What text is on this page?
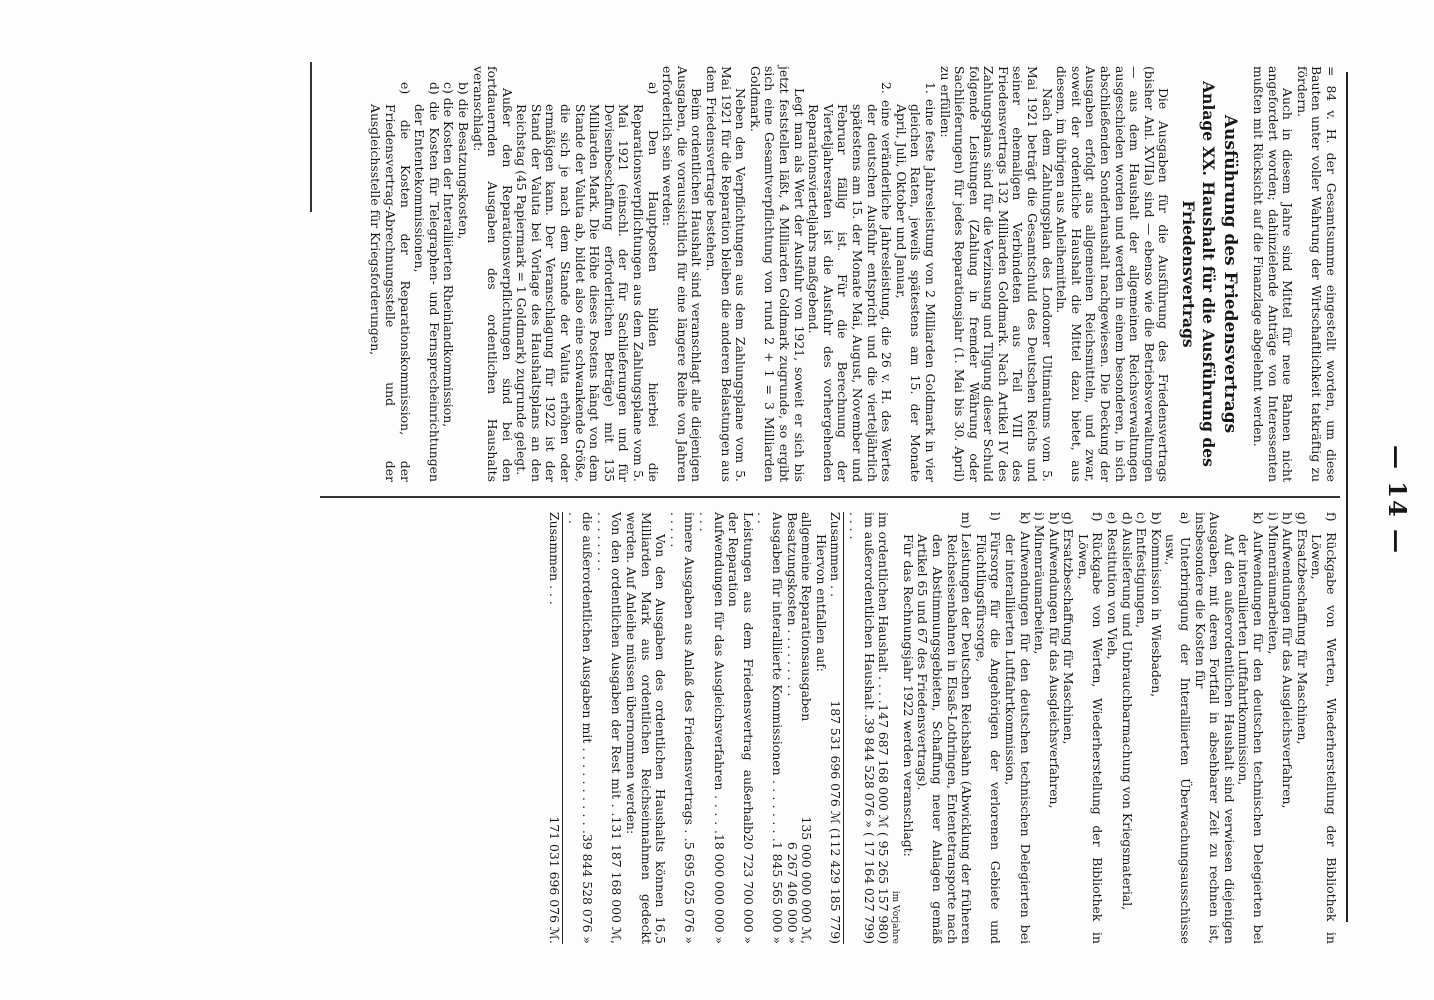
— 14 —

= 84 v. H. der Gesamtsumme eingestellt worden, um diese Bauten unter voller Wahrung der Wirtschaftlichkeit tatkräftig zu fördern.

Auch in diesem Jahre sind Mittel für neue Bahnen nicht angefordert worden; dahinzielende Anträge von Interessenten mußten mit Rücksicht auf die Finanzlage abgelehnt werden.

Ausführung des Friedensvertrags
Anlage XX. Haushalt für die Ausführung des Friedensvertrags

Die Ausgaben für die Ausführung des Friedensvertrags (bisher Anl. XVIIa) sind — ebenso wie die Betriebsverwaltungen — aus dem Haushalt der allgemeinen Reichsverwaltungen ausgeschieden worden und werden in einem besonderen, in sich abschließenden Sonderhaushalt nachgewiesen. Die Deckung der Ausgaben erfolgt aus allgemeinen Reichsmitteln, und zwar, soweit der ordentliche Haushalt die Mittel dazu bietet, aus diesem, im übrigen aus Anleihemitteln.

Nach dem Zahlungsplan des Londoner Ultimatums vom 5. Mai 1921 beträgt die Gesamtschuld des Deutschen Reichs und seiner ehemaligen Verbündeten aus Teil VIII des Friedensvertrags 132 Milliarden Goldmark. Nach Artikel IV des Zahlungsplans sind für die Verzinsung und Tilgung dieser Schuld folgende Leistungen (Zahlung in fremder Währung oder Sachlieferungen) für jedes Reparationsjahr (1. Mai bis 30. April) zu erfüllen:

1. eine feste Jahresleistung von 2 Milliarden Goldmark in vier gleichen Raten, jeweils spätestens am 15. der Monate April, Juli, Oktober und Januar,

2. eine veränderliche Jahresleistung, die 26 v. H. des Wertes der deutschen Ausfuhr entspricht und die vierteljährlich spätestens am 15. der Monate Mai, August, November und Februar fällig ist. Für die Berechnung der Vierteljahresraten ist die Ausfuhr des vorhergehenden Reparationsvierteljahrs maßgebend.

Legt man als Wert der Ausfuhr von 1921, soweit er sich bis jetzt feststellen läßt, 4 Milliarden Goldmark zugrunde, so ergibt sich eine Gesamtverpflichtung von rund 2 + 1 = 3 Milliarden Goldmark.

Neben den Verpflichtungen aus dem Zahlungsplane vom 5. Mai 1921 für die Reparation bleiben die anderen Belastungen aus dem Friedensvertrage bestehen.

Beim ordentlichen Haushalt sind veranschlagt alle diejenigen Ausgaben, die voraussichtlich für eine längere Reihe von Jahren erforderlich sein werden:

a) Den Hauptposten bilden hierbei die Reparationsverpflichtungen aus dem Zahlungsplane vom 5. Mai 1921 (einschl. der für Sachlieferungen und für Devisenbeschaffung erforderlichen Beträge) mit 135 Milliarden Mark. Die Höhe dieses Postens hängt von dem Stande der Valuta ab, bildet also eine schwankende Größe, die sich je nach dem Stande der Valuta erhöhen oder ermäßigen kann. Der Veranschlagung für 1922 ist der Stand der Valuta bei Vorlage des Haushaltsplans an den Reichstag (45 Papiermark = 1 Goldmark) zugrunde gelegt.

Außer den Reparationsverpflichtungen sind bei den fortdauernden Ausgaben des ordentlichen Haushalts veranschlagt:

b) die Besatzungskosten,

c) die Kosten der Interalliierten Rheinlandkommission,

d) die Kosten für Telegraphen- und Fernsprecheinrichtungen der Ententekommissionen,

e) die Kosten der Reparationskommission, der Friedensvertrag-Abrechnungsstelle und der Ausgleichsstelle für Kriegsforderungen,

f) Rückgabe von Werten, Wiederherstellung der Bibliothek in Löwen,

g) Ersatzbeschaffung für Maschinen,

h) Aufwendungen für das Ausgleichsverfahren,

i) Minenräumarbeiten,

k) Aufwendungen für den deutschen technischen Delegierten bei der interalliierten Luftfahrtkommission,

Auf den außerordentlichen Haushalt sind verwiesen diejenigen Ausgaben, mit deren Fortfall in absehbarer Zeit zu rechnen ist, insbesondere die Kosten für

a) Unterbringung der Interalliierten Überwachungsausschüsse usw.,

b) Kommission in Wiesbaden,

c) Entfestigungen,

d) Auslieferung und Unbrauchbarmachung von Kriegsmaterial,

e) Restitution von Vieh,

f) Rückgabe von Werten, Wiederherstellung der Bibliothek in Löwen,

g) Ersatzbeschaffung für Maschinen,

h) Aufwendungen für das Ausgleichsverfahren,

i) Minenräumarbeiten,

k) Aufwendungen für den deutschen technischen Delegierten bei der interalliierten Luftfahrtkommission,

l) Fürsorge für die Angehörigen der verlorenen Gebiete und Flüchtlingsfürsorge,

m) Leistungen der Deutschen Reichsbahn (Abwicklung der früheren Reichseisenbahnen in Elsaß-Lothringen, Ententetransporte nach den Abstimmungsgebieten, Schaffung neuer Anlagen gemäß Artikel 65 und 67 des Friedensvertrags).

Für das Rechnungsjahr 1922 werden veranschlagt:

im Vorjahre
im ordentlichen Haushalt . . . .
147 687 168 000 ℳ

( 95 265 157 980)
im außerordentlichen Haushalt . . . . .
39 844 528 076 »

( 17 164 027 799)
Zusammen . .
187 531 696 076 ℳ

(112 429 185 779)

Hiervon entfallen auf:

allgemeine Reparationsausgaben
135 000 000 000 ℳ,
Besatzungskosten . . . . . . . . .
6 267 406 000 »
Ausgaben für interalliierte Kommissionen . . . . . . . . . .
1 845 565 000 »
Leistungen aus dem Friedensvertrag außerhalb der Reparation
20 723 700 000 »
Aufwendungen für das Ausgleichsverfahren . . . . . . . .
18 000 000 000 »
innere Ausgaben aus Anlaß des Friedensvertrags . . . . . . .
5 695 025 076 »

Von den Ausgaben des ordentlichen Haushalts können 16,5 Milliarden Mark aus ordentlichen Reichseinnahmen gedeckt werden. Auf Anleihe müssen übernommen werden:

Von den ordentlichen Ausgaben der Rest mit . . . . . . . . . .
131 187 168 000 ℳ,
die außerordentlichen Ausgaben mit . . . . . . . . . . . . .
39 844 528 076 »
Zusammen . . .
171 031 696 076 ℳ.
